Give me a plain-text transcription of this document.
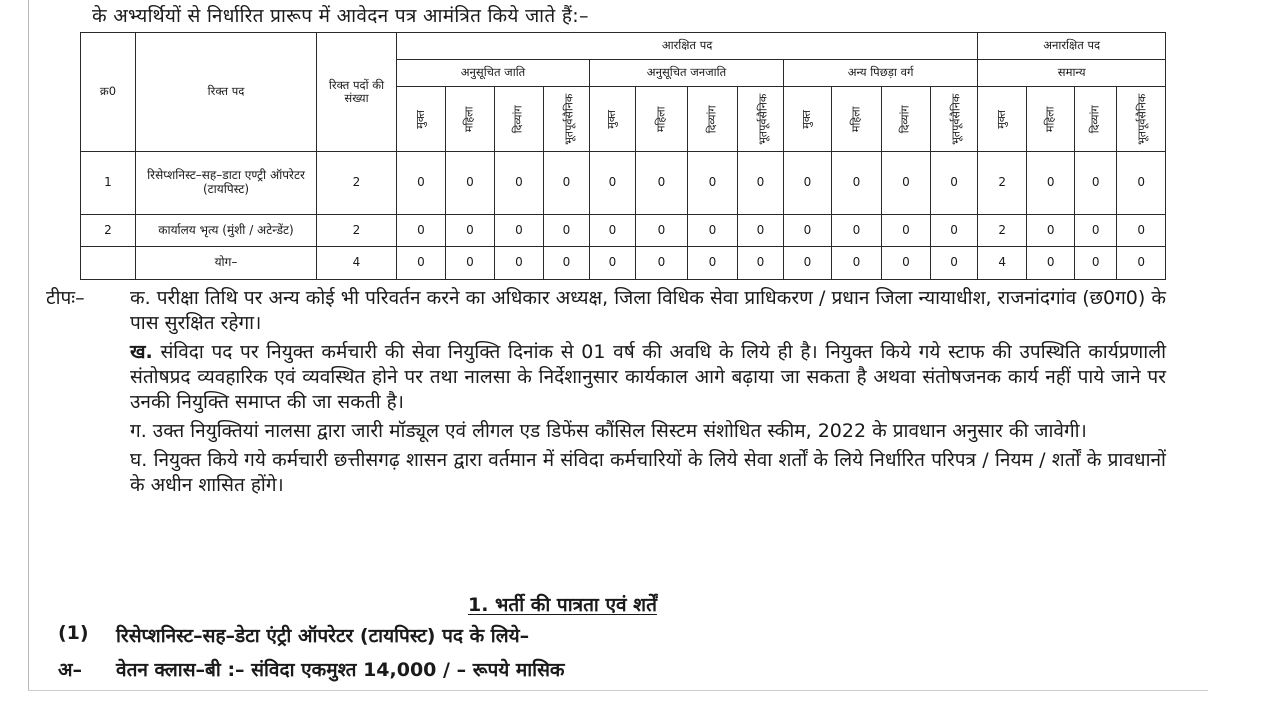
के अभ्यर्थियों से निर्धारित प्रारूप में आवेदन पत्र आमंत्रित किये जाते हैं:–
क्र0	रिक्त पद	रिक्त पदों की संख्या	आरक्षित पद												अनारक्षित पद			
			अनुसूचित जाति				अनुसूचित जनजाति				अन्य पिछड़ा वर्ग				समान्य			
			मुक्त	महिला	दिव्यांग	भूतपूर्वसैनिक	मुक्त	महिला	दिव्यांग	भूतपूर्वसैनिक	मुक्त	महिला	दिव्यांग	भूतपूर्वसैनिक	मुक्त	महिला	दिव्यांग	भूतपूर्वसैनिक
1	रिसेप्शनिस्ट–सह–डाटा एण्ट्री ऑपरेटर (टायपिस्ट)	2	0	0	0	0	0	0	0	0	0	0	0	0	2	0	0	0
2	कार्यालय भृत्य (मुंशी / अटेन्डेंट)	2	0	0	0	0	0	0	0	0	0	0	0	0	2	0	0	0
	योग–	4	0	0	0	0	0	0	0	0	0	0	0	0	4	0	0	0
टीपः– क. परीक्षा तिथि पर अन्य कोई भी परिवर्तन करने का अधिकार अध्यक्ष, जिला विधिक सेवा प्राधिकरण / प्रधान जिला न्यायाधीश, राजनांदगांव (छ0ग0) के पास सुरक्षित रहेगा।
ख. संविदा पद पर नियुक्त कर्मचारी की सेवा नियुक्ति दिनांक से 01 वर्ष की अवधि के लिये ही है। नियुक्त किये गये स्टाफ की उपस्थिति कार्यप्रणाली संतोषप्रद व्यवहारिक एवं व्यवस्थित होने पर तथा नालसा के निर्देशानुसार कार्यकाल आगे बढ़ाया जा सकता है अथवा संतोषजनक कार्य नहीं पाये जाने पर उनकी नियुक्ति समाप्त की जा सकती है।
ग. उक्त नियुक्तियां नालसा द्वारा जारी मॉड्यूल एवं लीगल एड डिफेंस कौंसिल सिस्टम संशोधित स्कीम, 2022 के प्रावधान अनुसार की जावेगी।
घ. नियुक्त किये गये कर्मचारी छत्तीसगढ़ शासन द्वारा वर्तमान में संविदा कर्मचारियों के लिये सेवा शर्तों के लिये निर्धारित परिपत्र / नियम / शर्तों के प्रावधानों के अधीन शासित होंगे।
1. भर्ती की पात्रता एवं शर्तें
(1) रिसेप्शनिस्ट–सह–डेटा एंट्री ऑपरेटर (टायपिस्ट) पद के लिये–
अ– वेतन क्लास–बी :– संविदा एकमुश्त 14,000 / – रूपये मासिक
